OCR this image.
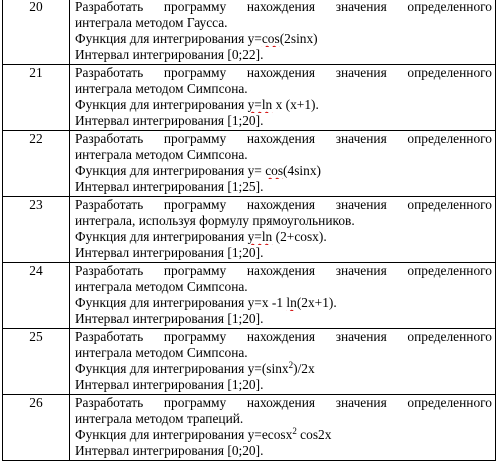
20	Разработать программу нахождения значения определенного
интеграла методом Гаусса.
Функция для интегрирования y=cos(2sinx)
Интервал интегрирования [0;22].

21	Разработать программу нахождения значения определенного
интеграла методом Симпсона.
Функция для интегрирования y=ln x (x+1).
Интервал интегрирования [1;20].

22	Разработать программу нахождения значения определенного
интеграла методом Симпсона.
Функция для интегрирования y= cos(4sinx)
Интервал интегрирования [1;25].

23	Разработать программу нахождения значения определенного
интеграла, используя формулу прямоугольников.
Функция для интегрирования y=ln (2+cosx).
Интервал интегрирования [1;20].

24	Разработать программу нахождения значения определенного
интеграла методом Симпсона.
Функция для интегрирования y=x -1 ln(2x+1).
Интервал интегрирования [1;20].

25	Разработать программу нахождения значения определенного
интеграла методом Симпсона.
Функция для интегрирования y=(sinx$^2$)/2x
Интервал интегрирования [1;20].

26	Разработать программу нахождения значения определенного
интеграла методом трапеций.
Функция для интегрирования y=ecosx$^2$ cos2x
Интервал интегрирования [0;20].
